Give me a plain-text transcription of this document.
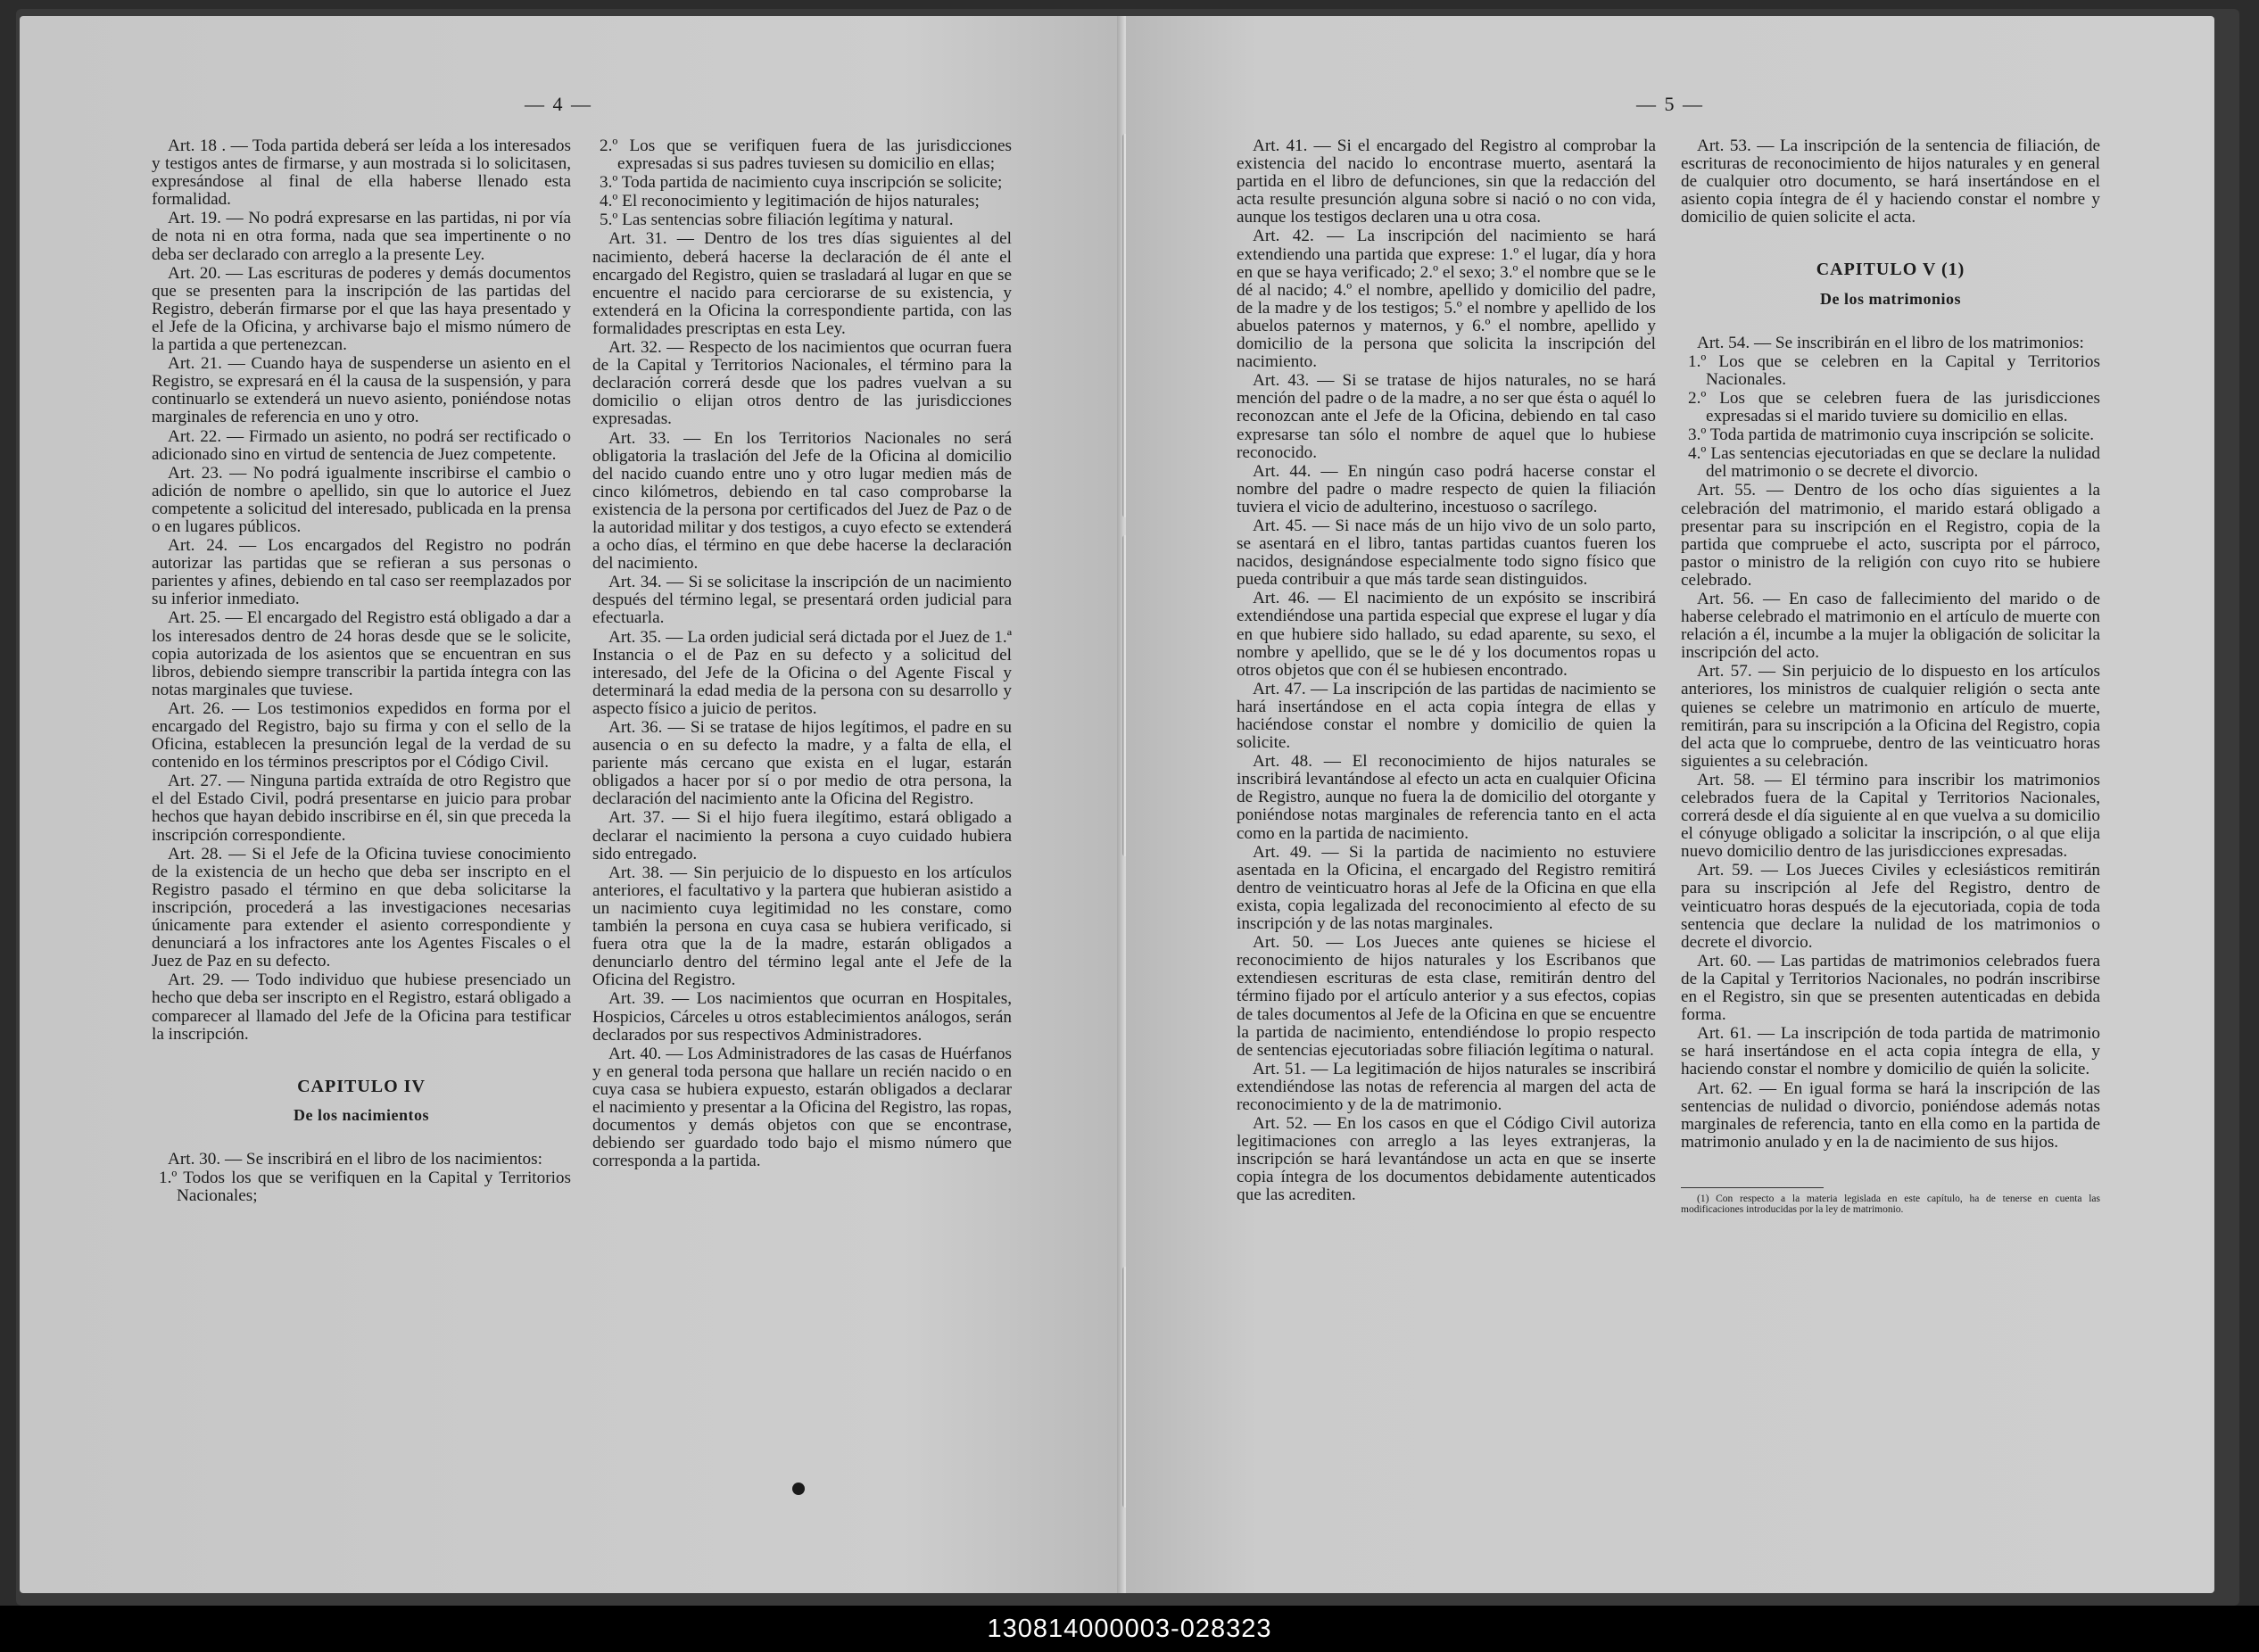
— 4 —

Art. 18 . — Toda partida deberá ser leída a los interesados y testigos antes de firmarse, y aun mostrada si lo solicitasen, expresándose al final de ella haberse llenado esta formalidad.

Art. 19. — No podrá expresarse en las partidas, ni por vía de nota ni en otra forma, nada que sea impertinente o no deba ser declarado con arreglo a la presente Ley.

Art. 20. — Las escrituras de poderes y demás documentos que se presenten para la inscripción de las partidas del Registro, deberán firmarse por el que las haya presentado y el Jefe de la Oficina, y archivarse bajo el mismo número de la partida a que pertenezcan.

Art. 21. — Cuando haya de suspenderse un asiento en el Registro, se expresará en él la causa de la suspensión, y para continuarlo se extenderá un nuevo asiento, poniéndose notas marginales de referencia en uno y otro.

Art. 22. — Firmado un asiento, no podrá ser rectificado o adicionado sino en virtud de sentencia de Juez competente.

Art. 23. — No podrá igualmente inscribirse el cambio o adición de nombre o apellido, sin que lo autorice el Juez competente a solicitud del interesado, publicada en la prensa o en lugares públicos.

Art. 24. — Los encargados del Registro no podrán autorizar las partidas que se refieran a sus personas o parientes y afines, debiendo en tal caso ser reemplazados por su inferior inmediato.

Art. 25. — El encargado del Registro está obligado a dar a los interesados dentro de 24 horas desde que se le solicite, copia autorizada de los asientos que se encuentran en sus libros, debiendo siempre transcribir la partida íntegra con las notas marginales que tuviese.

Art. 26. — Los testimonios expedidos en forma por el encargado del Registro, bajo su firma y con el sello de la Oficina, establecen la presunción legal de la verdad de su contenido en los términos prescriptos por el Código Civil.

Art. 27. — Ninguna partida extraída de otro Registro que el del Estado Civil, podrá presentarse en juicio para probar hechos que hayan debido inscribirse en él, sin que preceda la inscripción correspondiente.

Art. 28. — Si el Jefe de la Oficina tuviese conocimiento de la existencia de un hecho que deba ser inscripto en el Registro pasado el término en que deba solicitarse la inscripción, procederá a las investigaciones necesarias únicamente para extender el asiento correspondiente y denunciará a los infractores ante los Agentes Fiscales o el Juez de Paz en su defecto.

Art. 29. — Todo individuo que hubiese presenciado un hecho que deba ser inscripto en el Registro, estará obligado a comparecer al llamado del Jefe de la Oficina para testificar la inscripción.

CAPITULO IV
De los nacimientos

Art. 30. — Se inscribirá en el libro de los nacimientos:

1.º Todos los que se verifiquen en la Capital y Territorios Nacionales;

2.º Los que se verifiquen fuera de las jurisdicciones expresadas si sus padres tuviesen su domicilio en ellas;

3.º Toda partida de nacimiento cuya inscripción se solicite;

4.º El reconocimiento y legitimación de hijos naturales;

5.º Las sentencias sobre filiación legítima y natural.

Art. 31. — Dentro de los tres días siguientes al del nacimiento, deberá hacerse la declaración de él ante el encargado del Registro, quien se trasladará al lugar en que se encuentre el nacido para cerciorarse de su existencia, y extenderá en la Oficina la correspondiente partida, con las formalidades prescriptas en esta Ley.

Art. 32. — Respecto de los nacimientos que ocurran fuera de la Capital y Territorios Nacionales, el término para la declaración correrá desde que los padres vuelvan a su domicilio o elijan otros dentro de las jurisdicciones expresadas.

Art. 33. — En los Territorios Nacionales no será obligatoria la traslación del Jefe de la Oficina al domicilio del nacido cuando entre uno y otro lugar medien más de cinco kilómetros, debiendo en tal caso comprobarse la existencia de la persona por certificados del Juez de Paz o de la autoridad militar y dos testigos, a cuyo efecto se extenderá a ocho días, el término en que debe hacerse la declaración del nacimiento.

Art. 34. — Si se solicitase la inscripción de un nacimiento después del término legal, se presentará orden judicial para efectuarla.

Art. 35. — La orden judicial será dictada por el Juez de 1.ª Instancia o el de Paz en su defecto y a solicitud del interesado, del Jefe de la Oficina o del Agente Fiscal y determinará la edad media de la persona con su desarrollo y aspecto físico a juicio de peritos.

Art. 36. — Si se tratase de hijos legítimos, el padre en su ausencia o en su defecto la madre, y a falta de ella, el pariente más cercano que exista en el lugar, estarán obligados a hacer por sí o por medio de otra persona, la declaración del nacimiento ante la Oficina del Registro.

Art. 37. — Si el hijo fuera ilegítimo, estará obligado a declarar el nacimiento la persona a cuyo cuidado hubiera sido entregado.

Art. 38. — Sin perjuicio de lo dispuesto en los artículos anteriores, el facultativo y la partera que hubieran asistido a un nacimiento cuya legitimidad no les constare, como también la persona en cuya casa se hubiera verificado, si fuera otra que la de la madre, estarán obligados a denunciarlo dentro del término legal ante el Jefe de la Oficina del Registro.

Art. 39. — Los nacimientos que ocurran en Hospitales, Hospicios, Cárceles u otros establecimientos análogos, serán declarados por sus respectivos Administradores.

Art. 40. — Los Administradores de las casas de Huérfanos y en general toda persona que hallare un recién nacido o en cuya casa se hubiera expuesto, estarán obligados a declarar el nacimiento y presentar a la Oficina del Registro, las ropas, documentos y demás objetos con que se encontrase, debiendo ser guardado todo bajo el mismo número que corresponda a la partida.

— 5 —

Art. 41. — Si el encargado del Registro al comprobar la existencia del nacido lo encontrase muerto, asentará la partida en el libro de defunciones, sin que la redacción del acta resulte presunción alguna sobre si nació o no con vida, aunque los testigos declaren una u otra cosa.

Art. 42. — La inscripción del nacimiento se hará extendiendo una partida que exprese: 1.º el lugar, día y hora en que se haya verificado; 2.º el sexo; 3.º el nombre que se le dé al nacido; 4.º el nombre, apellido y domicilio del padre, de la madre y de los testigos; 5.º el nombre y apellido de los abuelos paternos y maternos, y 6.º el nombre, apellido y domicilio de la persona que solicita la inscripción del nacimiento.

Art. 43. — Si se tratase de hijos naturales, no se hará mención del padre o de la madre, a no ser que ésta o aquél lo reconozcan ante el Jefe de la Oficina, debiendo en tal caso expresarse tan sólo el nombre de aquel que lo hubiese reconocido.

Art. 44. — En ningún caso podrá hacerse constar el nombre del padre o madre respecto de quien la filiación tuviera el vicio de adulterino, incestuoso o sacrílego.

Art. 45. — Si nace más de un hijo vivo de un solo parto, se asentará en el libro, tantas partidas cuantos fueren los nacidos, designándose especialmente todo signo físico que pueda contribuir a que más tarde sean distinguidos.

Art. 46. — El nacimiento de un expósito se inscribirá extendiéndose una partida especial que exprese el lugar y día en que hubiere sido hallado, su edad aparente, su sexo, el nombre y apellido, que se le dé y los documentos ropas u otros objetos que con él se hubiesen encontrado.

Art. 47. — La inscripción de las partidas de nacimiento se hará insertándose en el acta copia íntegra de ellas y haciéndose constar el nombre y domicilio de quien la solicite.

Art. 48. — El reconocimiento de hijos naturales se inscribirá levantándose al efecto un acta en cualquier Oficina de Registro, aunque no fuera la de domicilio del otorgante y poniéndose notas marginales de referencia tanto en el acta como en la partida de nacimiento.

Art. 49. — Si la partida de nacimiento no estuviere asentada en la Oficina, el encargado del Registro remitirá dentro de veinticuatro horas al Jefe de la Oficina en que ella exista, copia legalizada del reconocimiento al efecto de su inscripción y de las notas marginales.

Art. 50. — Los Jueces ante quienes se hiciese el reconocimiento de hijos naturales y los Escribanos que extendiesen escrituras de esta clase, remitirán dentro del término fijado por el artículo anterior y a sus efectos, copias de tales documentos al Jefe de la Oficina en que se encuentre la partida de nacimiento, entendiéndose lo propio respecto de sentencias ejecutoriadas sobre filiación legítima o natural.

Art. 51. — La legitimación de hijos naturales se inscribirá extendiéndose las notas de referencia al margen del acta de reconocimiento y de la de matrimonio.

Art. 52. — En los casos en que el Código Civil autoriza legitimaciones con arreglo a las leyes extranjeras, la inscripción se hará levantándose un acta en que se inserte copia íntegra de los documentos debidamente autenticados que las acrediten.

Art. 53. — La inscripción de la sentencia de filiación, de escrituras de reconocimiento de hijos naturales y en general de cualquier otro documento, se hará insertándose en el asiento copia íntegra de él y haciendo constar el nombre y domicilio de quien solicite el acta.

CAPITULO V (1)
De los matrimonios

Art. 54. — Se inscribirán en el libro de los matrimonios:

1.º Los que se celebren en la Capital y Territorios Nacionales.

2.º Los que se celebren fuera de las jurisdicciones expresadas si el marido tuviere su domicilio en ellas.

3.º Toda partida de matrimonio cuya inscripción se solicite.

4.º Las sentencias ejecutoriadas en que se declare la nulidad del matrimonio o se decrete el divorcio.

Art. 55. — Dentro de los ocho días siguientes a la celebración del matrimonio, el marido estará obligado a presentar para su inscripción en el Registro, copia de la partida que compruebe el acto, suscripta por el párroco, pastor o ministro de la religión con cuyo rito se hubiere celebrado.

Art. 56. — En caso de fallecimiento del marido o de haberse celebrado el matrimonio en el artículo de muerte con relación a él, incumbe a la mujer la obligación de solicitar la inscripción del acto.

Art. 57. — Sin perjuicio de lo dispuesto en los artículos anteriores, los ministros de cualquier religión o secta ante quienes se celebre un matrimonio en artículo de muerte, remitirán, para su inscripción a la Oficina del Registro, copia del acta que lo compruebe, dentro de las veinticuatro horas siguientes a su celebración.

Art. 58. — El término para inscribir los matrimonios celebrados fuera de la Capital y Territorios Nacionales, correrá desde el día siguiente al en que vuelva a su domicilio el cónyuge obligado a solicitar la inscripción, o al que elija nuevo domicilio dentro de las jurisdicciones expresadas.

Art. 59. — Los Jueces Civiles y eclesiásticos remitirán para su inscripción al Jefe del Registro, dentro de veinticuatro horas después de la ejecutoriada, copia de toda sentencia que declare la nulidad de los matrimonios o decrete el divorcio.

Art. 60. — Las partidas de matrimonios celebrados fuera de la Capital y Territorios Nacionales, no podrán inscribirse en el Registro, sin que se presenten autenticadas en debida forma.

Art. 61. — La inscripción de toda partida de matrimonio se hará insertándose en el acta copia íntegra de ella, y haciendo constar el nombre y domicilio de quién la solicite.

Art. 62. — En igual forma se hará la inscripción de las sentencias de nulidad o divorcio, poniéndose además notas marginales de referencia, tanto en ella como en la partida de matrimonio anulado y en la de nacimiento de sus hijos.

(1) Con respecto a la materia legislada en este capítulo, ha de tenerse en cuenta las modificaciones introducidas por la ley de matrimonio.

130814000003-028323
